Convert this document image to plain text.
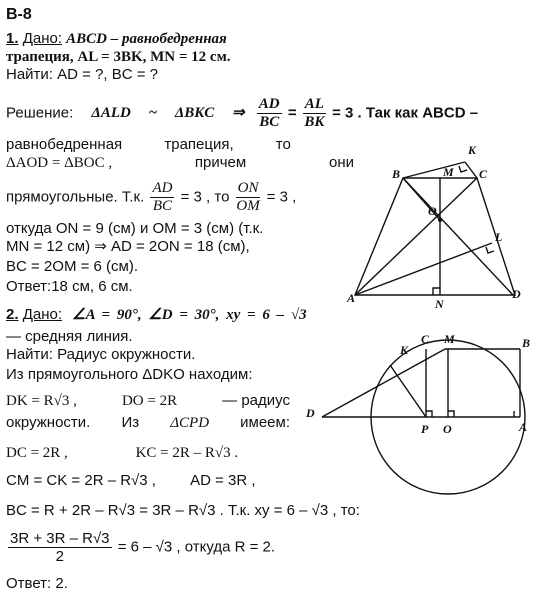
В-8
1. Дано: ABCD – равнобедренная
трапеция, AL = 3BK, MN = 12 см.
Найти: AD = ?, BC = ?
Решение: ΔALD ~ ΔBKC ⇒ $\frac{AD}{BC} = \frac{AL}{BK} = 3$ . Так как ABCD –
равнобедренная трапеция, то
ΔAOD = ΔBOC ,	причем	они
прямоугольные. Т.к. $\frac{AD}{BC} = 3$ , то $\frac{ON}{OM} = 3$ ,
откуда ON = 9 (см) и OM = 3 (см) (т.к.
MN = 12 см) ⇒ AD = 2ON = 18 (см),
BC = 2OM = 6 (см).
Ответ:18 см, 6 см.
B	M C
K
O
L
A	N
D
2. Дано: ∠A = 90°, ∠D = 30°, xy = 6 – √3
— средняя линия.
Найти: Радиус окружности.
Из прямоугольного ΔDKO находим:
DK = R√3 ,	DO = 2R	— радиус
окружности. Из ΔCPD имеем:
DC = 2R ,	KC = 2R – R√3 .
CM = CK = 2R – R√3 , AD = 3R ,
BC = R + 2R – R√3 = 3R – R√3 . Т.к. xy = 6 – √3 , то:
$\frac{3R + 3R - R√3}{2} = 6 - √3$ , откуда R = 2.
Ответ: 2.
K
C M	B
D
P O	A
